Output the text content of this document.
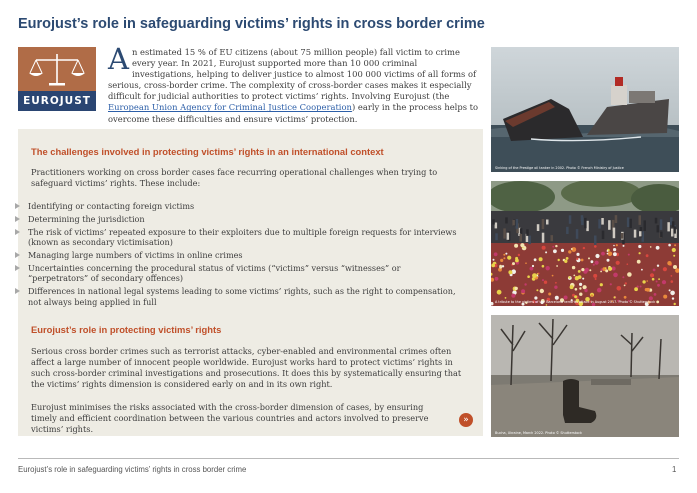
Eurojust’s role in safeguarding victims’ rights in cross border crime
EUROJUST
An estimated 15 % of EU citizens (about 75 million people) fall victim to crime every year. In 2021, Eurojust supported more than 10 000 criminal investigations, helping to deliver justice to almost 100 000 victims of all forms of serious, cross-border crime. The complexity of cross-border cases makes it especially difficult for judicial authorities to protect victims’ rights. Involving Eurojust (the European Union Agency for Criminal Justice Cooperation) early in the process helps to overcome these difficulties and ensure victims’ protection.
The challenges involved in protecting victims’ rights in an international context

Practitioners working on cross border cases face recurring operational challenges when trying to safeguard victims’ rights. These include:

Identifying or contacting foreign victims
Determining the jurisdiction
The risk of victims’ repeated exposure to their exploiters due to multiple foreign requests for interviews (known as secondary victimisation)
Managing large numbers of victims in online crimes
Uncertainties concerning the procedural status of victims (“victims” versus “witnesses” or “perpetrators” of secondary offences)
Differences in national legal systems leading to some victims’ rights, such as the right to compensation, not always being applied in full
Eurojust’s role in protecting victims’ rights

Serious cross border crimes such as terrorist attacks, cyber-enabled and environmental crimes often affect a large number of innocent people worldwide. Eurojust works hard to protect victims’ rights in such cross-border criminal investigations and prosecutions. It does this by systematically ensuring that the victims’ rights dimension is considered early on and in its own right.

Eurojust minimises the risks associated with the cross-border dimension of cases, by ensuring timely and efficient coordination between the various countries and actors involved to preserve victims’ rights.

»
Sinking of the Prestige oil tanker in 2002. Photo © French Ministry of Justice
A tribute to the victims of the Barcelona terrorist attack in August 2017. Photo © Shutterstock
Bucha, Ukraine, March 2022. Photo © Shutterstock
Eurojust’s role in safeguarding victims’ rights in cross border crime	1
